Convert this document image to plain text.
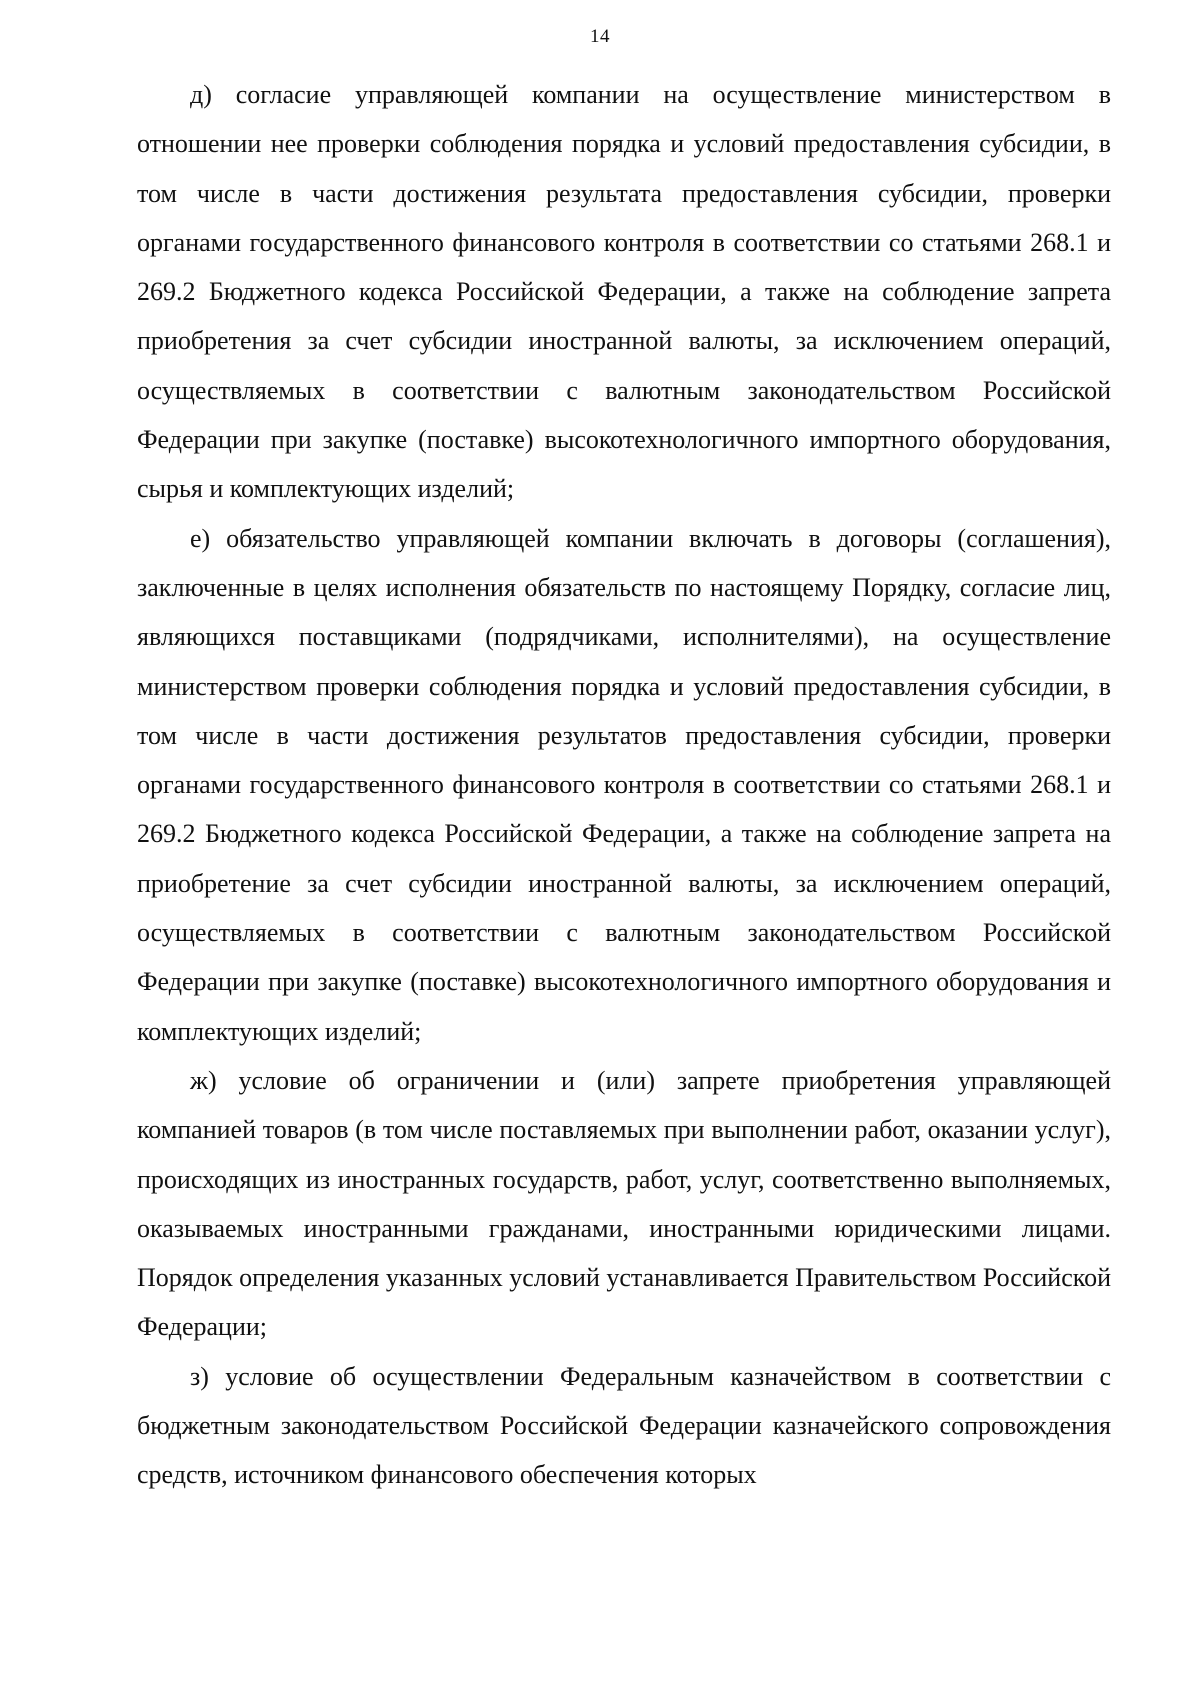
14

д) согласие управляющей компании на осуществление министерством в отношении нее проверки соблюдения порядка и условий предоставления субсидии, в том числе в части достижения результата предоставления субсидии, проверки органами государственного финансового контроля в соответствии со статьями 268.1 и 269.2 Бюджетного кодекса Российской Федерации, а также на соблюдение запрета приобретения за счет субсидии иностранной валюты, за исключением операций, осуществляемых в соответствии с валютным законодательством Российской Федерации при закупке (поставке) высокотехнологичного импортного оборудования, сырья и комплектующих изделий;

е) обязательство управляющей компании включать в договоры (соглашения), заключенные в целях исполнения обязательств по настоящему Порядку, согласие лиц, являющихся поставщиками (подрядчиками, исполнителями), на осуществление министерством проверки соблюдения порядка и условий предоставления субсидии, в том числе в части достижения результатов предоставления субсидии, проверки органами государственного финансового контроля в соответствии со статьями 268.1 и 269.2 Бюджетного кодекса Российской Федерации, а также на соблюдение запрета на приобретение за счет субсидии иностранной валюты, за исключением операций, осуществляемых в соответствии с валютным законодательством Российской Федерации при закупке (поставке) высокотехнологичного импортного оборудования и комплектующих изделий;

ж) условие об ограничении и (или) запрете приобретения управляющей компанией товаров (в том числе поставляемых при выполнении работ, оказании услуг), происходящих из иностранных государств, работ, услуг, соответственно выполняемых, оказываемых иностранными гражданами, иностранными юридическими лицами. Порядок определения указанных условий устанавливается Правительством Российской Федерации;

з) условие об осуществлении Федеральным казначейством в соответствии с бюджетным законодательством Российской Федерации казначейского сопровождения средств, источником финансового обеспечения которых
